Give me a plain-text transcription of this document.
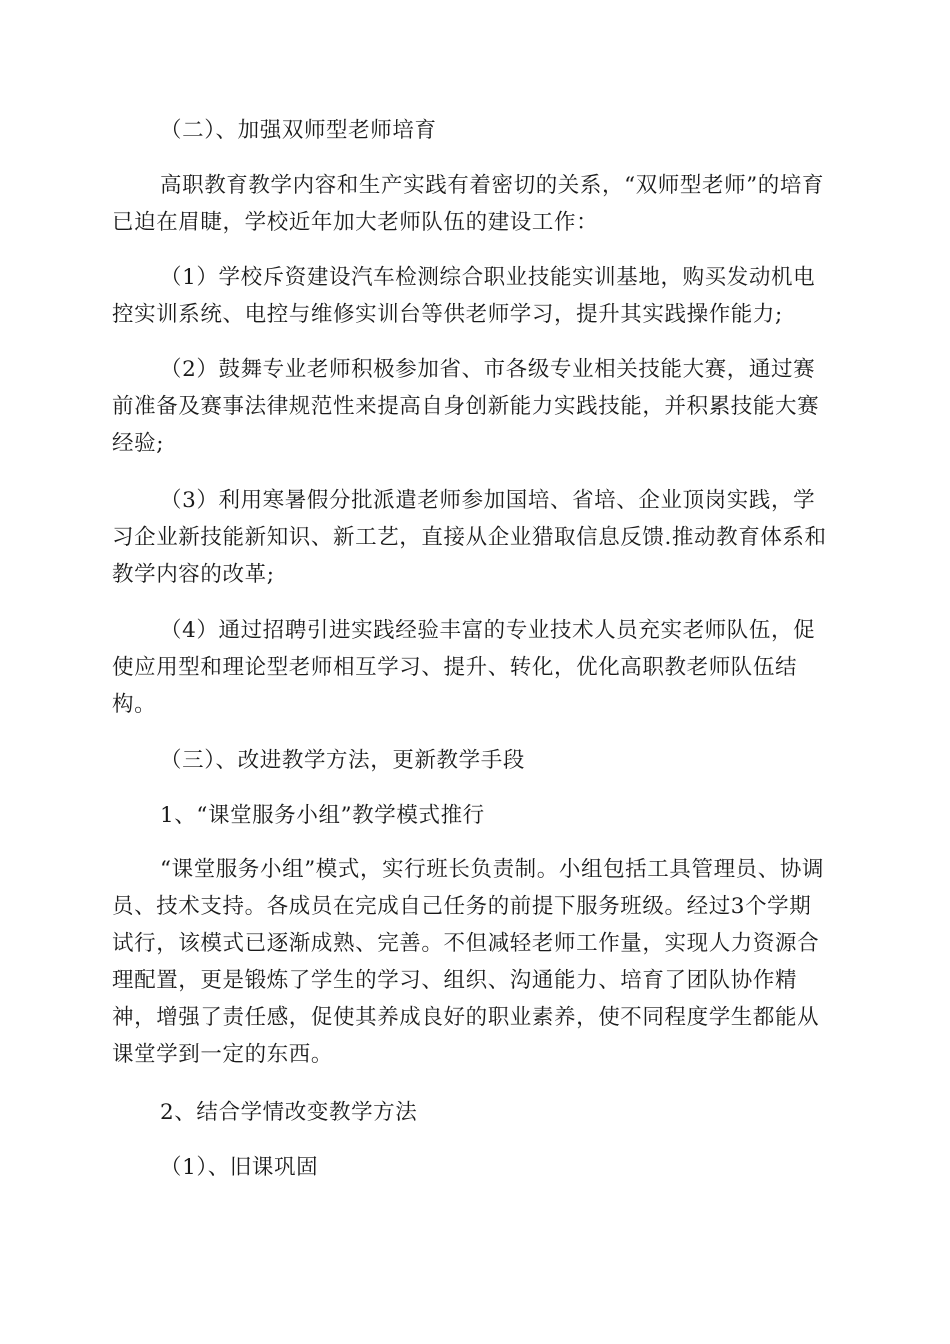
（二）、加强双师型老师培育

高职教育教学内容和生产实践有着密切的关系，“双师型老师”的培育已迫在眉睫，学校近年加大老师队伍的建设工作：

（1）学校斥资建设汽车检测综合职业技能实训基地，购买发动机电控实训系统、电控与维修实训台等供老师学习，提升其实践操作能力;

（2）鼓舞专业老师积极参加省、市各级专业相关技能大赛，通过赛前准备及赛事法律规范性来提高自身创新能力实践技能，并积累技能大赛经验;

（3）利用寒暑假分批派遣老师参加国培、省培、企业顶岗实践，学习企业新技能新知识、新工艺，直接从企业猎取信息反馈.推动教育体系和教学内容的改革;

（4）通过招聘引进实践经验丰富的专业技术人员充实老师队伍，促使应用型和理论型老师相互学习、提升、转化，优化高职教老师队伍结构。

（三）、改进教学方法，更新教学手段

1、“课堂服务小组”教学模式推行

“课堂服务小组”模式，实行班长负责制。小组包括工具管理员、协调员、技术支持。各成员在完成自己任务的前提下服务班级。经过3个学期试行，该模式已逐渐成熟、完善。不但减轻老师工作量，实现人力资源合理配置，更是锻炼了学生的学习、组织、沟通能力、培育了团队协作精神，增强了责任感，促使其养成良好的职业素养，使不同程度学生都能从课堂学到一定的东西。

2、结合学情改变教学方法

（1）、旧课巩固
